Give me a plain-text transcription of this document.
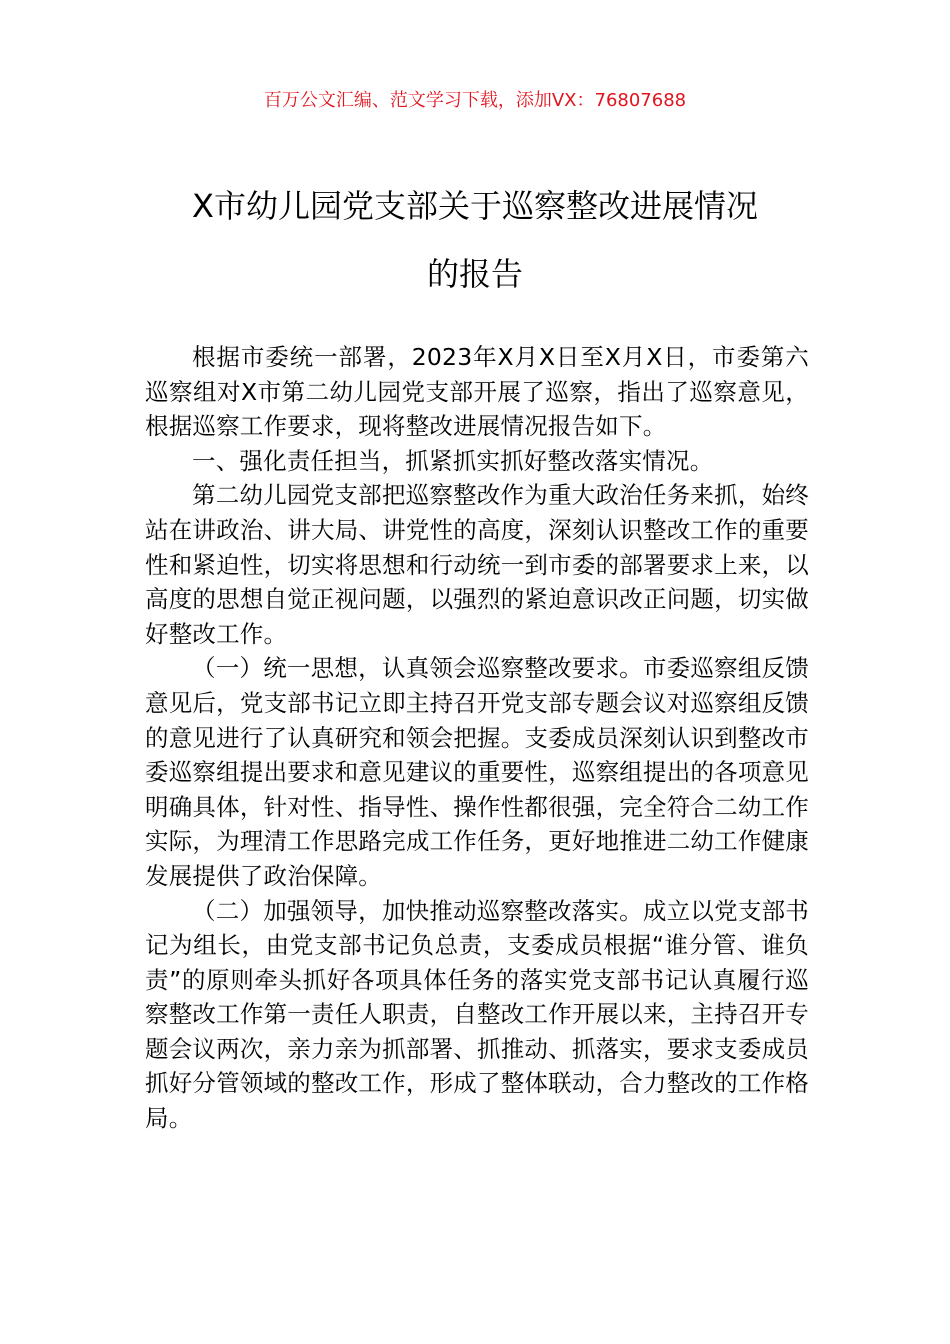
百万公文汇编、范文学习下载，添加VX：76807688
X市幼儿园党支部关于巡察整改进展情况
的报告

根据市委统一部署，2023年X月X日至X月X日，市委第六巡察组对X市第二幼儿园党支部开展了巡察，指出了巡察意见，根据巡察工作要求，现将整改进展情况报告如下。

一、强化责任担当，抓紧抓实抓好整改落实情况。

第二幼儿园党支部把巡察整改作为重大政治任务来抓，始终站在讲政治、讲大局、讲党性的高度，深刻认识整改工作的重要性和紧迫性，切实将思想和行动统一到市委的部署要求上来，以高度的思想自觉正视问题，以强烈的紧迫意识改正问题，切实做好整改工作。

（一）统一思想，认真领会巡察整改要求。市委巡察组反馈意见后，党支部书记立即主持召开党支部专题会议对巡察组反馈的意见进行了认真研究和领会把握。支委成员深刻认识到整改市委巡察组提出要求和意见建议的重要性，巡察组提出的各项意见明确具体，针对性、指导性、操作性都很强，完全符合二幼工作实际，为理清工作思路完成工作任务，更好地推进二幼工作健康发展提供了政治保障。

（二）加强领导，加快推动巡察整改落实。成立以党支部书记为组长，由党支部书记负总责，支委成员根据“谁分管、谁负责”的原则牵头抓好各项具体任务的落实党支部书记认真履行巡察整改工作第一责任人职责，自整改工作开展以来，主持召开专题会议两次，亲力亲为抓部署、抓推动、抓落实，要求支委成员抓好分管领域的整改工作，形成了整体联动，合力整改的工作格局。
